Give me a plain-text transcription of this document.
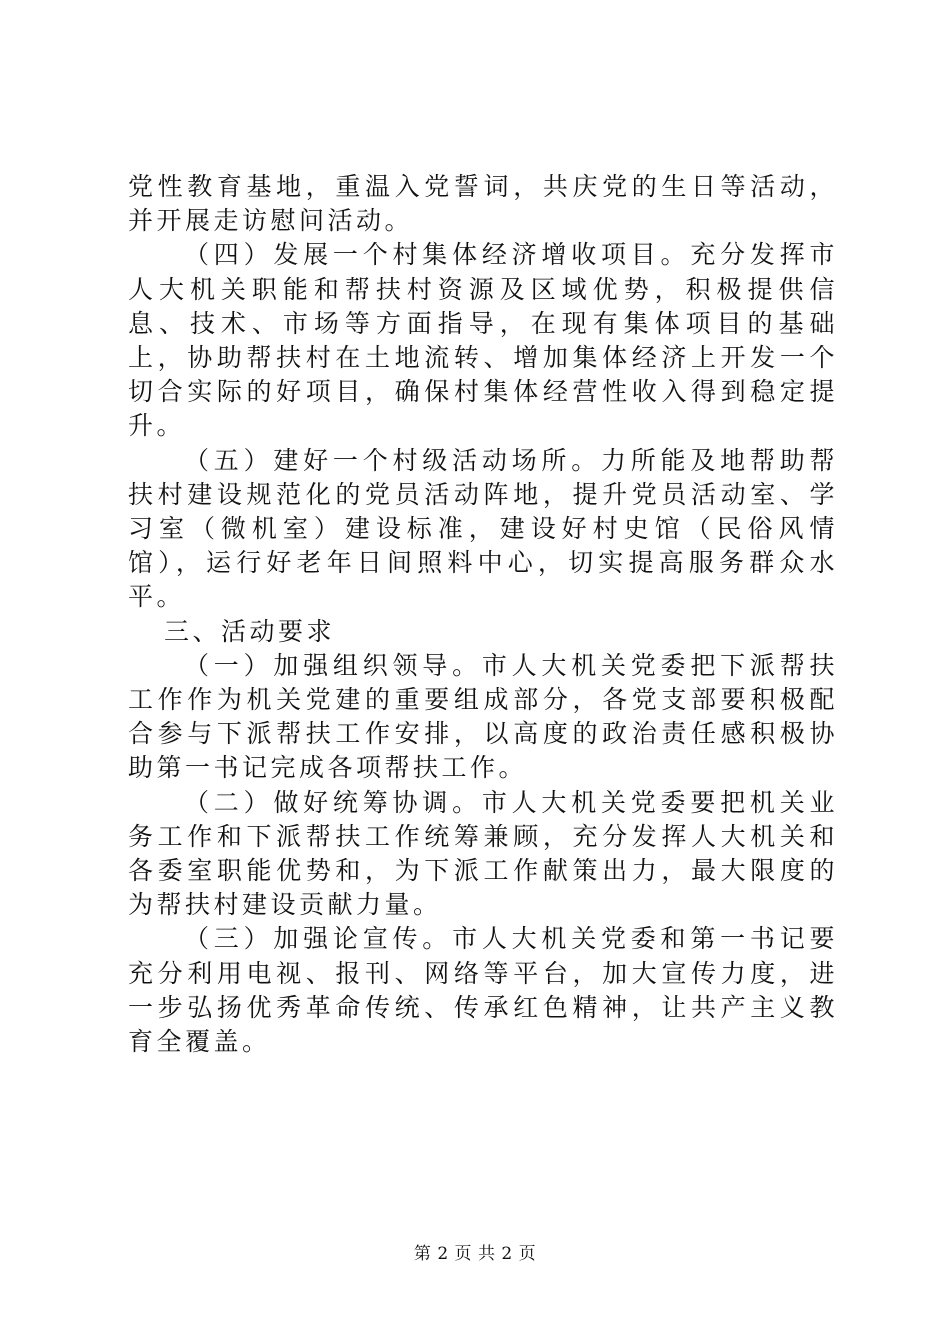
党性教育基地，重温入党誓词，共庆党的生日等活动，并开展走访慰问活动。

（四）发展一个村集体经济增收项目。充分发挥市人大机关职能和帮扶村资源及区域优势，积极提供信息、技术、市场等方面指导，在现有集体项目的基础上，协助帮扶村在土地流转、增加集体经济上开发一个切合实际的好项目，确保村集体经营性收入得到稳定提升。

（五）建好一个村级活动场所。力所能及地帮助帮扶村建设规范化的党员活动阵地，提升党员活动室、学习室（微机室）建设标准，建设好村史馆（民俗风情馆），运行好老年日间照料中心，切实提高服务群众水平。

三、活动要求

（一）加强组织领导。市人大机关党委把下派帮扶工作作为机关党建的重要组成部分，各党支部要积极配合参与下派帮扶工作安排，以高度的政治责任感积极协助第一书记完成各项帮扶工作。

（二）做好统筹协调。市人大机关党委要把机关业务工作和下派帮扶工作统筹兼顾，充分发挥人大机关和各委室职能优势和，为下派工作献策出力，最大限度的为帮扶村建设贡献力量。

（三）加强论宣传。市人大机关党委和第一书记要充分利用电视、报刊、网络等平台，加大宣传力度，进一步弘扬优秀革命传统、传承红色精神，让共产主义教育全覆盖。

第 2 页 共 2 页
